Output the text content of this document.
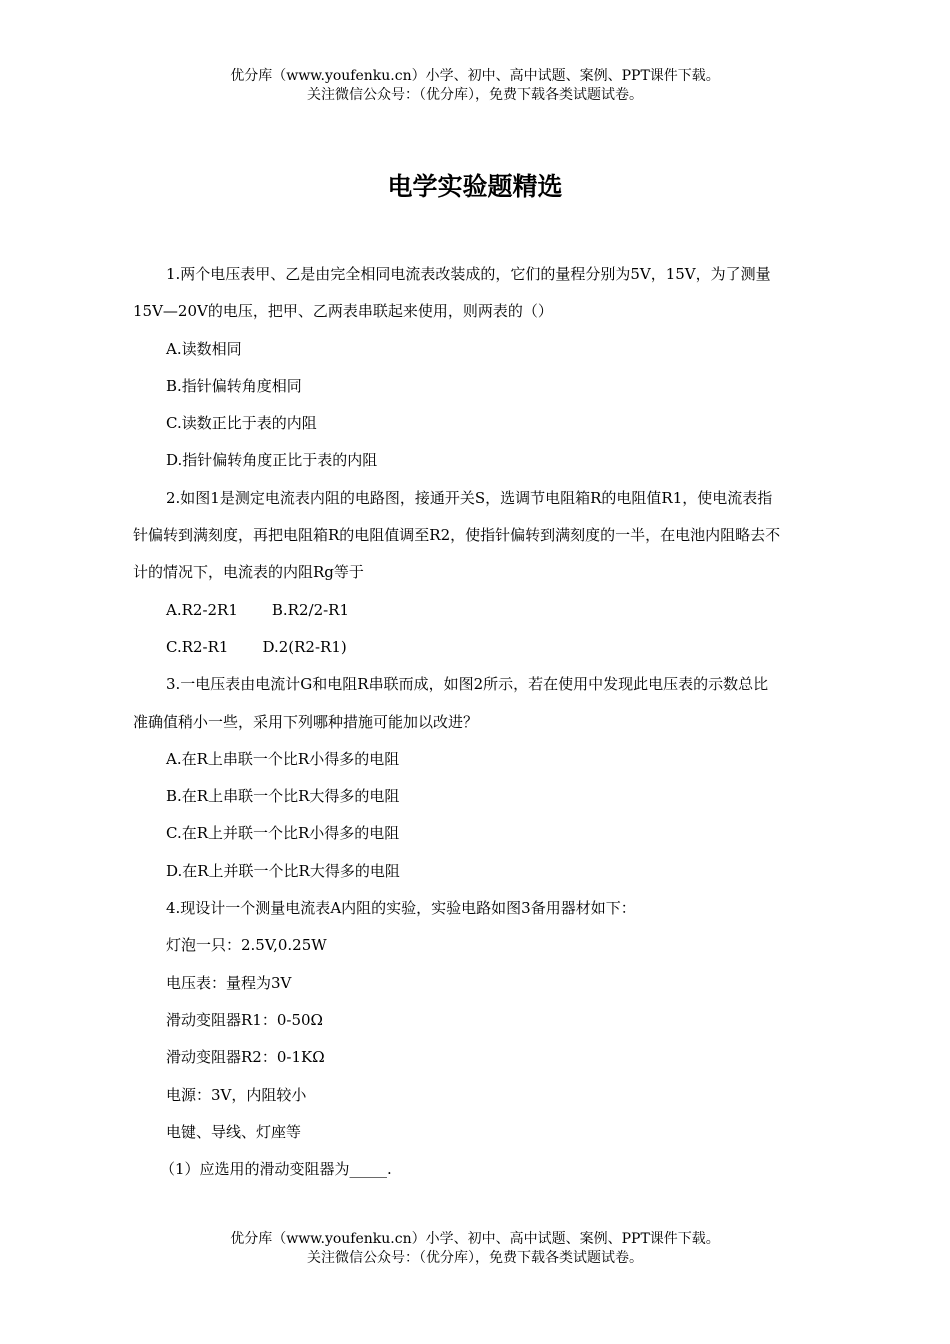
优分库（www.youfenku.cn）小学、初中、高中试题、案例、PPT课件下载。
关注微信公众号：（优分库），免费下载各类试题试卷。
电学实验题精选

1.两个电压表甲、乙是由完全相同电流表改装成的，它们的量程分别为5V，15V，为了测量15V—20V的电压，把甲、乙两表串联起来使用，则两表的（）

A.读数相同

B.指针偏转角度相同

C.读数正比于表的内阻

D.指针偏转角度正比于表的内阻

2.如图1是测定电流表内阻的电路图，接通开关S，选调节电阻箱R的电阻值R1，使电流表指针偏转到满刻度，再把电阻箱R的电阻值调至R2，使指针偏转到满刻度的一半，在电池内阻略去不计的情况下，电流表的内阻Rg等于

A.R2-2R1 B.R2/2-R1

C.R2-R1 D.2(R2-R1)

3.一电压表由电流计G和电阻R串联而成，如图2所示，若在使用中发现此电压表的示数总比准确值稍小一些，采用下列哪种措施可能加以改进？

A.在R上串联一个比R小得多的电阻

B.在R上串联一个比R大得多的电阻

C.在R上并联一个比R小得多的电阻

D.在R上并联一个比R大得多的电阻

4.现设计一个测量电流表A内阻的实验，实验电路如图3备用器材如下：

灯泡一只：2.5V,0.25W

电压表：量程为3V

滑动变阻器R1：0-50Ω

滑动变阻器R2：0-1KΩ

电源：3V，内阻较小

电键、导线、灯座等

（1）应选用的滑动变阻器为_____.

优分库（www.youfenku.cn）小学、初中、高中试题、案例、PPT课件下载。
关注微信公众号：（优分库），免费下载各类试题试卷。
